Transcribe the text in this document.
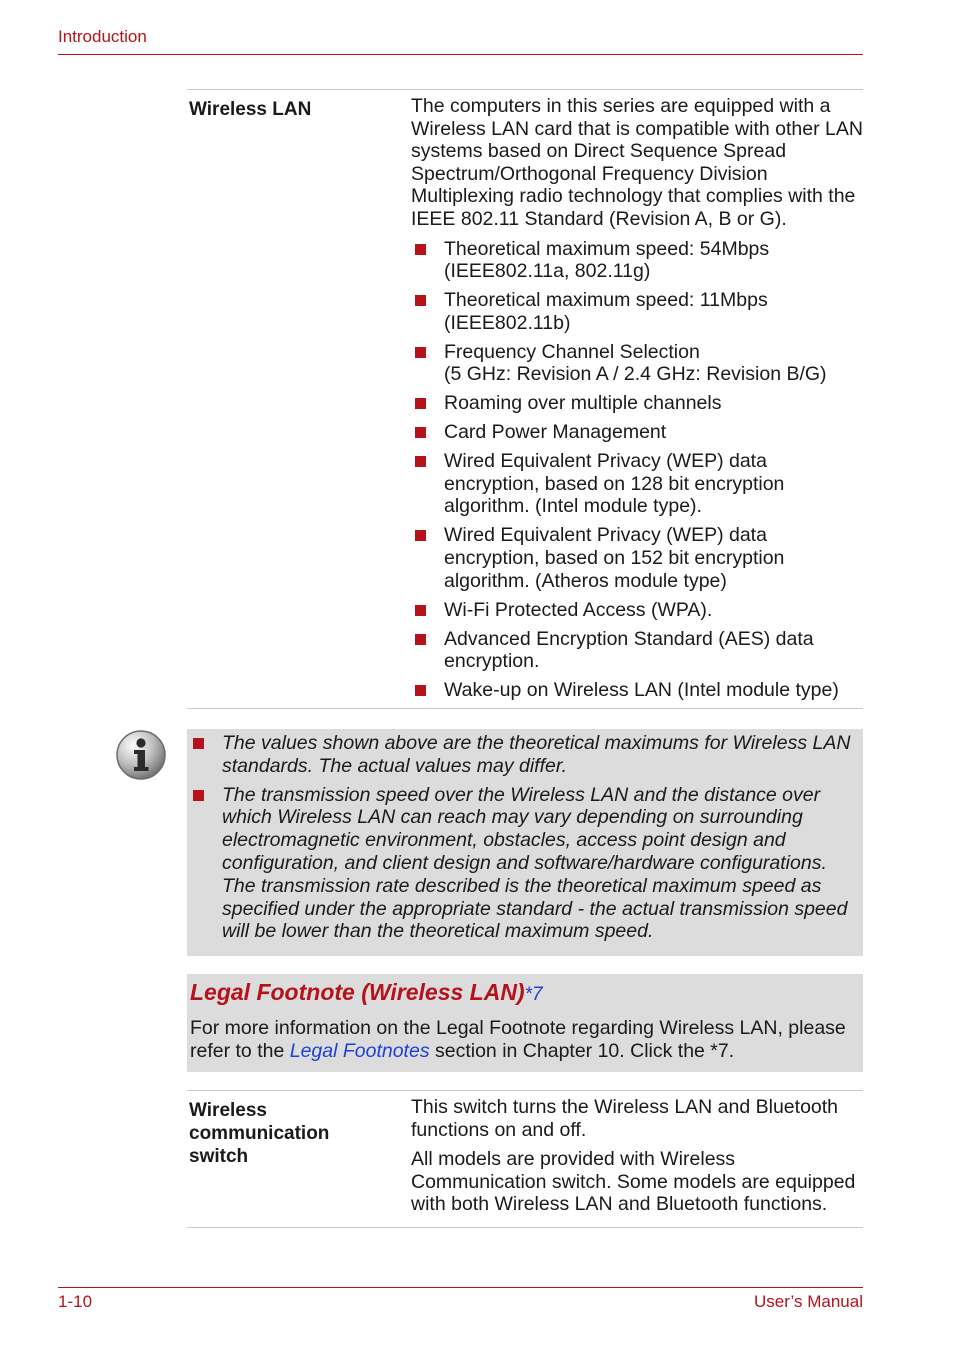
Introduction
Wireless LAN	The computers in this series are equipped with a Wireless LAN card that is compatible with other LAN systems based on Direct Sequence Spread Spectrum/Orthogonal Frequency Division Multiplexing radio technology that complies with the IEEE 802.11 Standard (Revision A, B or G).

Theoretical maximum speed: 54Mbps
(IEEE802.11a, 802.11g)
Theoretical maximum speed: 11Mbps
(IEEE802.11b)
Frequency Channel Selection
(5 GHz: Revision A / 2.4 GHz: Revision B/G)
Roaming over multiple channels
Card Power Management
Wired Equivalent Privacy (WEP) data encryption, based on 128 bit encryption algorithm. (Intel module type).
Wired Equivalent Privacy (WEP) data encryption, based on 152 bit encryption algorithm. (Atheros module type)
Wi-Fi Protected Access (WPA).
Advanced Encryption Standard (AES) data encryption.
Wake-up on Wireless LAN (Intel module type)
The values shown above are the theoretical maximums for Wireless LAN standards. The actual values may differ.
The transmission speed over the Wireless LAN and the distance over which Wireless LAN can reach may vary depending on surrounding electromagnetic environment, obstacles, access point design and configuration, and client design and software/hardware configurations. The transmission rate described is the theoretical maximum speed as specified under the appropriate standard - the actual transmission speed will be lower than the theoretical maximum speed.
Legal Footnote (Wireless LAN)*7
For more information on the Legal Footnote regarding Wireless LAN, please refer to the Legal Footnotes section in Chapter 10. Click the *7.
Wireless
communication
switch

This switch turns the Wireless LAN and Bluetooth functions on and off.

All models are provided with Wireless Communication switch. Some models are equipped with both Wireless LAN and Bluetooth functions.

1-10	User’s Manual
